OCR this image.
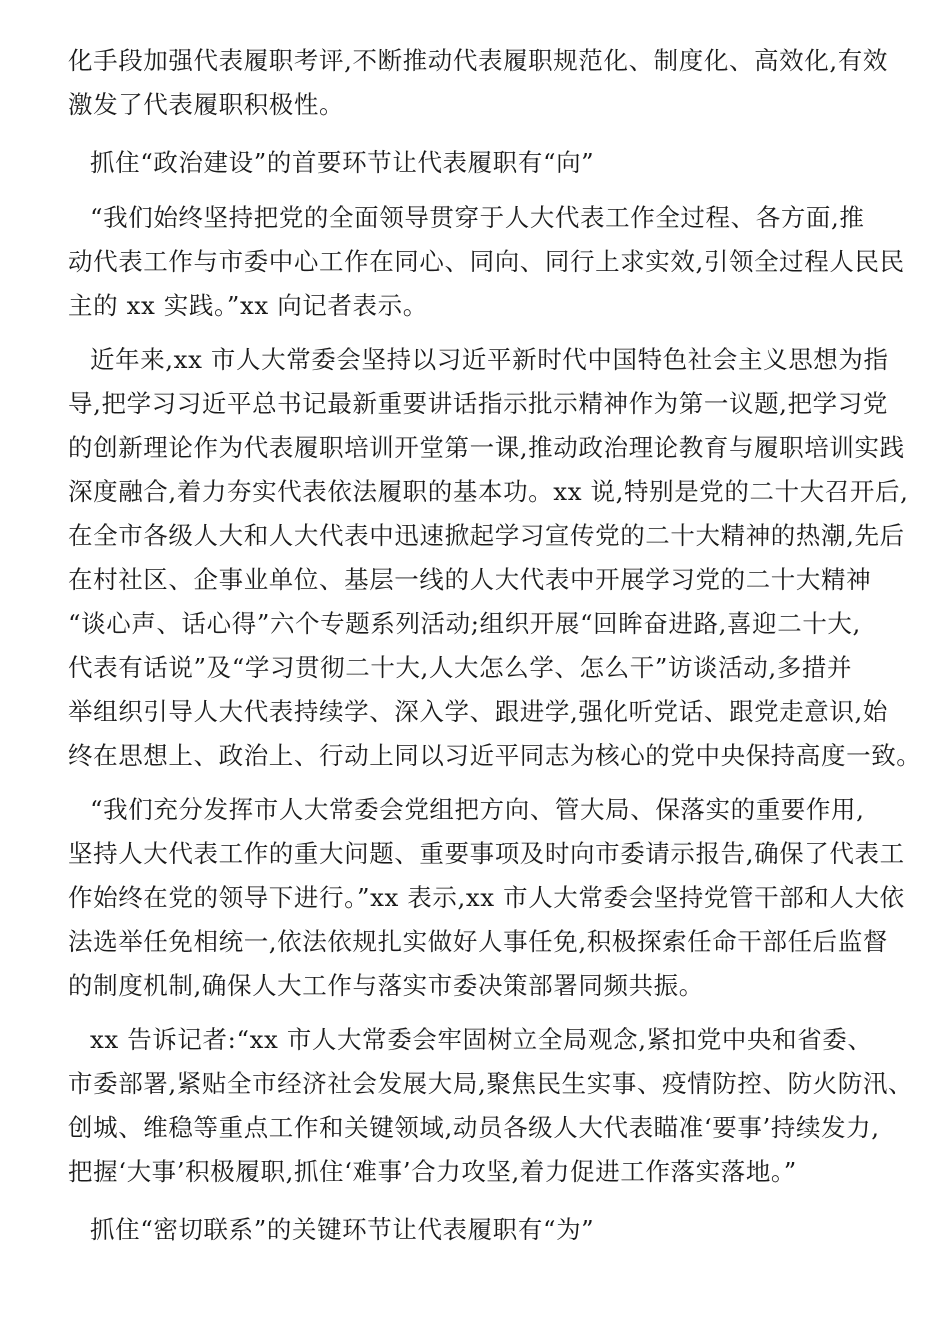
化手段加强代表履职考评,不断推动代表履职规范化、制度化、高效化,有效
激发了代表履职积极性。
抓住“政治建设”的首要环节让代表履职有“向”
“我们始终坚持把党的全面领导贯穿于人大代表工作全过程、各方面,推
动代表工作与市委中心工作在同心、同向、同行上求实效,引领全过程人民民
主的 xx 实践。”xx 向记者表示。
近年来,xx 市人大常委会坚持以习近平新时代中国特色社会主义思想为指
导,把学习习近平总书记最新重要讲话指示批示精神作为第一议题,把学习党
的创新理论作为代表履职培训开堂第一课,推动政治理论教育与履职培训实践
深度融合,着力夯实代表依法履职的基本功。xx 说,特别是党的二十大召开后,
在全市各级人大和人大代表中迅速掀起学习宣传党的二十大精神的热潮,先后
在村社区、企事业单位、基层一线的人大代表中开展学习党的二十大精神
“谈心声、话心得”六个专题系列活动;组织开展“回眸奋进路,喜迎二十大,
代表有话说”及“学习贯彻二十大,人大怎么学、怎么干”访谈活动,多措并
举组织引导人大代表持续学、深入学、跟进学,强化听党话、跟党走意识,始
终在思想上、政治上、行动上同以习近平同志为核心的党中央保持高度一致。
“我们充分发挥市人大常委会党组把方向、管大局、保落实的重要作用,
坚持人大代表工作的重大问题、重要事项及时向市委请示报告,确保了代表工
作始终在党的领导下进行。”xx 表示,xx 市人大常委会坚持党管干部和人大依
法选举任免相统一,依法依规扎实做好人事任免,积极探索任命干部任后监督
的制度机制,确保人大工作与落实市委决策部署同频共振。
xx 告诉记者:“xx 市人大常委会牢固树立全局观念,紧扣党中央和省委、
市委部署,紧贴全市经济社会发展大局,聚焦民生实事、疫情防控、防火防汛、
创城、维稳等重点工作和关键领域,动员各级人大代表瞄准‘要事’持续发力,
把握‘大事’积极履职,抓住‘难事’合力攻坚,着力促进工作落实落地。”
抓住“密切联系”的关键环节让代表履职有“为”
